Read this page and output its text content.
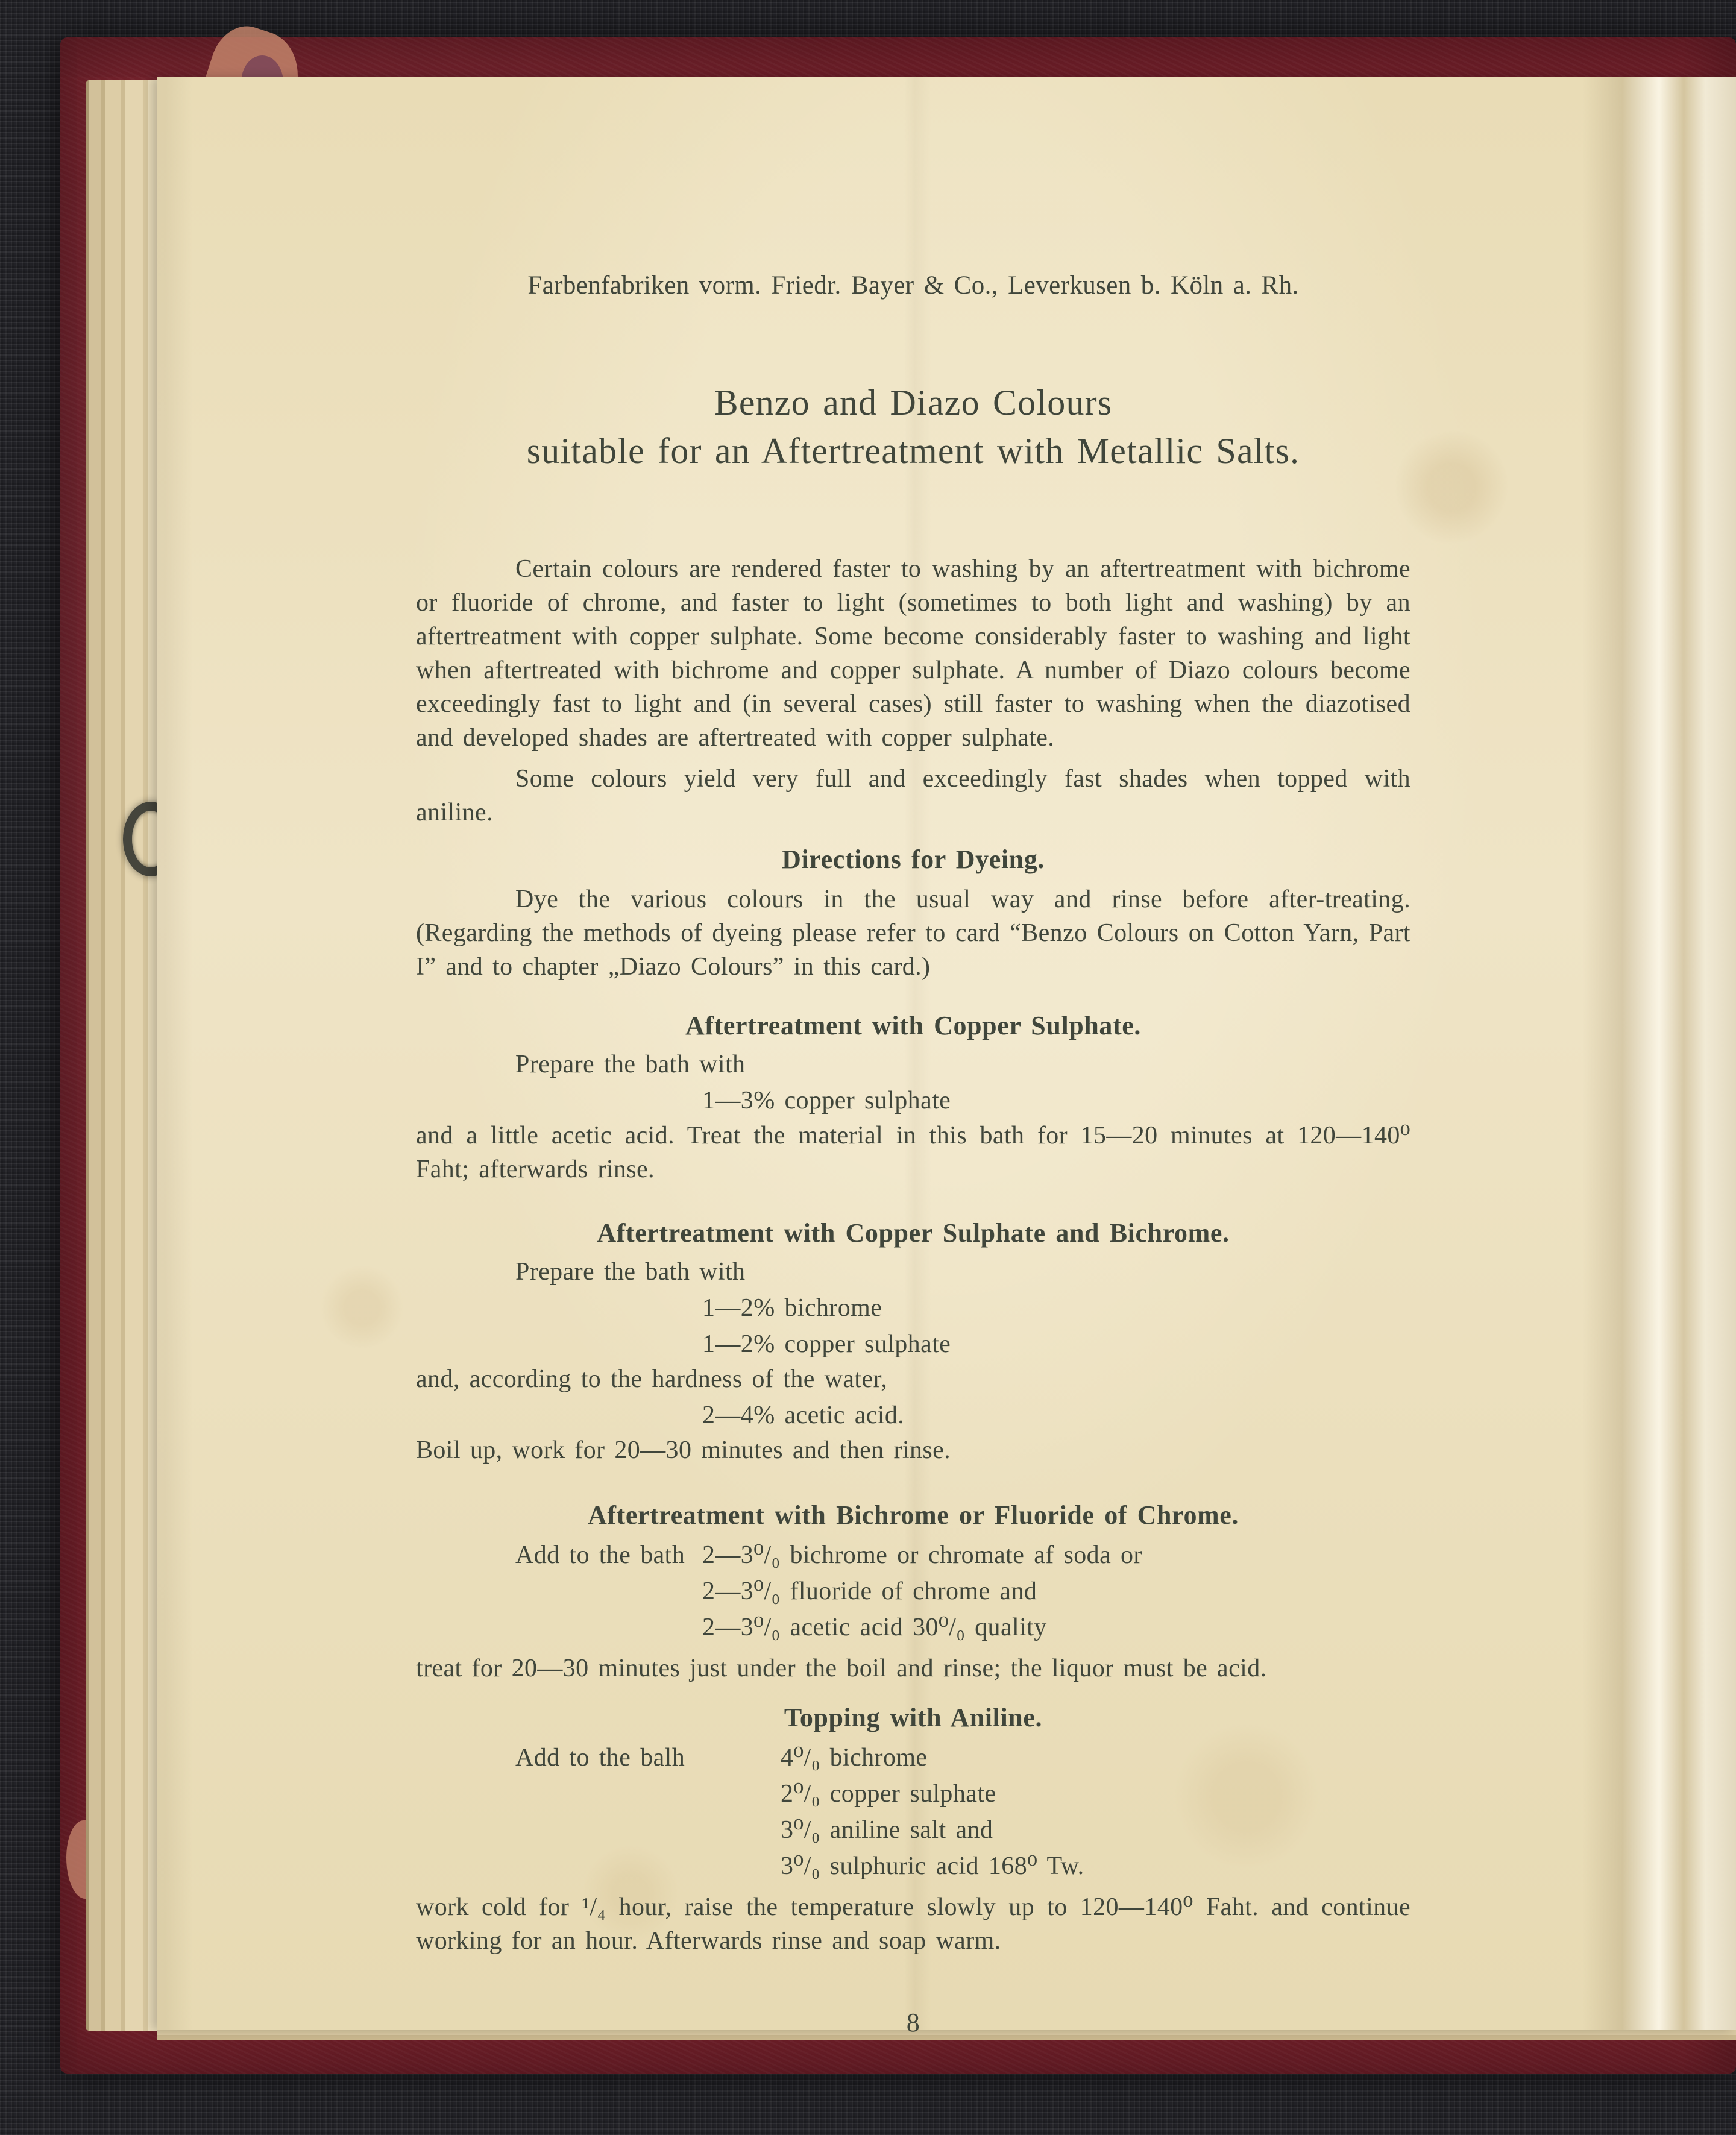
Farbenfabriken vorm. Friedr. Bayer & Co., Leverkusen b. Köln a. Rh.

Benzo and Diazo Colours
suitable for an Aftertreatment with Metallic Salts.

Certain colours are rendered faster to washing by an aftertreatment with bichrome or fluoride of chrome, and faster to light (sometimes to both light and washing) by an aftertreatment with copper sulphate. Some become considerably faster to washing and light when aftertreated with bichrome and copper sulphate. A number of Diazo colours become exceedingly fast to light and (in several cases) still faster to washing when the diazotised and developed shades are aftertreated with copper sulphate.

Some colours yield very full and exceedingly fast shades when topped with aniline.

Directions for Dyeing.

Dye the various colours in the usual way and rinse before after-treating. (Regarding the methods of dyeing please refer to card “Benzo Colours on Cotton Yarn, Part I” and to chapter „Diazo Colours” in this card.)

Aftertreatment with Copper Sulphate.
Prepare the bath with
1—3% copper sulphate

and a little acetic acid. Treat the material in this bath for 15—20 minutes at 120—140⁰ Faht; afterwards rinse.

Aftertreatment with Copper Sulphate and Bichrome.
Prepare the bath with
1—2% bichrome
1—2% copper sulphate

and, according to the hardness of the water,

2—4% acetic acid.

Boil up, work for 20—30 minutes and then rinse.

Aftertreatment with Bichrome or Fluoride of Chrome.
Add to the bath 2—3⁰/₀ bichrome or chromate af soda or
2—3⁰/₀ fluoride of chrome and
2—3⁰/₀ acetic acid 30⁰/₀ quality

treat for 20—30 minutes just under the boil and rinse; the liquor must be acid.

Topping with Aniline.
Add to the balh	4⁰/₀ bichrome
2⁰/₀ copper sulphate
3⁰/₀ aniline salt and
3⁰/₀ sulphuric acid 168⁰ Tw.

work cold for ¹/₄ hour, raise the temperature slowly up to 120—140⁰ Faht. and continue working for an hour. Afterwards rinse and soap warm.

8
